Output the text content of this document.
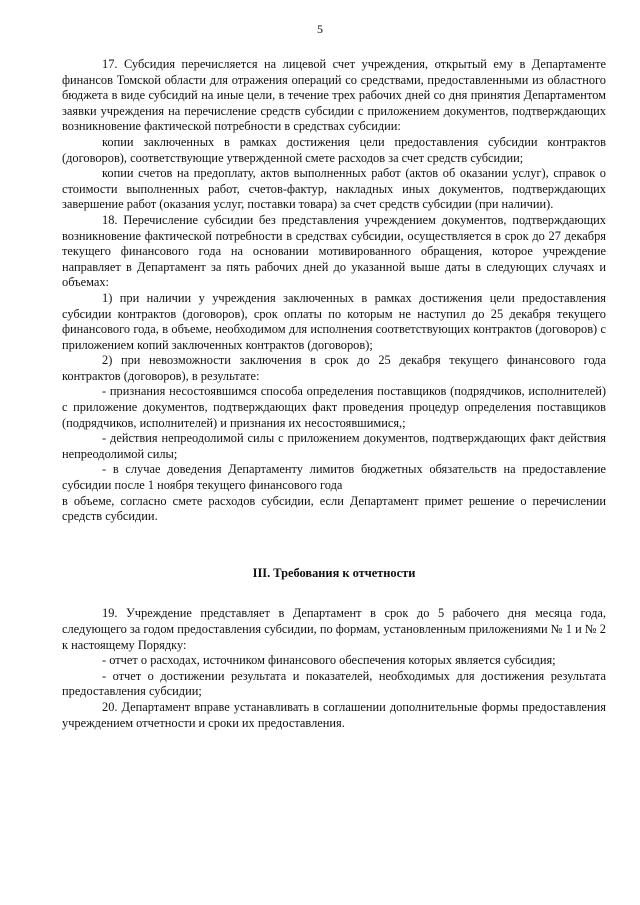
5

17. Субсидия перечисляется на лицевой счет учреждения, открытый ему в Департаменте финансов Томской области для отражения операций со средствами, предоставленными из областного бюджета в виде субсидий на иные цели, в течение трех рабочих дней со дня принятия Департаментом заявки учреждения на перечисление средств субсидии с приложением документов, подтверждающих возникновение фактической потребности в средствах субсидии:

копии заключенных в рамках достижения цели предоставления субсидии контрактов (договоров), соответствующие утвержденной смете расходов за счет средств субсидии;

копии счетов на предоплату, актов выполненных работ (актов об оказании услуг), справок о стоимости выполненных работ, счетов-фактур, накладных иных документов, подтверждающих завершение работ (оказания услуг, поставки товара) за счет средств субсидии (при наличии).

18. Перечисление субсидии без представления учреждением документов, подтверждающих возникновение фактической потребности в средствах субсидии, осуществляется в срок до 27 декабря текущего финансового года на основании мотивированного обращения, которое учреждение направляет в Департамент за пять рабочих дней до указанной выше даты в следующих случаях и объемах:

1) при наличии у учреждения заключенных в рамках достижения цели предоставления субсидии контрактов (договоров), срок оплаты по которым не наступил до 25 декабря текущего финансового года, в объеме, необходимом для исполнения соответствующих контрактов (договоров) с приложением копий заключенных контрактов (договоров);

2) при невозможности заключения в срок до 25 декабря текущего финансового года контрактов (договоров), в результате:

- признания несостоявшимся способа определения поставщиков (подрядчиков, исполнителей) с приложение документов, подтверждающих факт проведения процедур определения поставщиков (подрядчиков, исполнителей) и признания их несостоявшимися,;

- действия непреодолимой силы с приложением документов, подтверждающих факт действия непреодолимой силы;

- в случае доведения Департаменту лимитов бюджетных обязательств на предоставление субсидии после 1 ноября текущего финансового года

в объеме, согласно смете расходов субсидии, если Департамент примет решение о перечислении средств субсидии.

III. Требования к отчетности

19. Учреждение представляет в Департамент в срок до 5 рабочего дня месяца года, следующего за годом предоставления субсидии, по формам, установленным приложениями № 1 и № 2 к настоящему Порядку:

- отчет о расходах, источником финансового обеспечения которых является субсидия;

- отчет о достижении результата и показателей, необходимых для достижения результата предоставления субсидии;

20. Департамент вправе устанавливать в соглашении дополнительные формы предоставления учреждением отчетности и сроки их предоставления.
